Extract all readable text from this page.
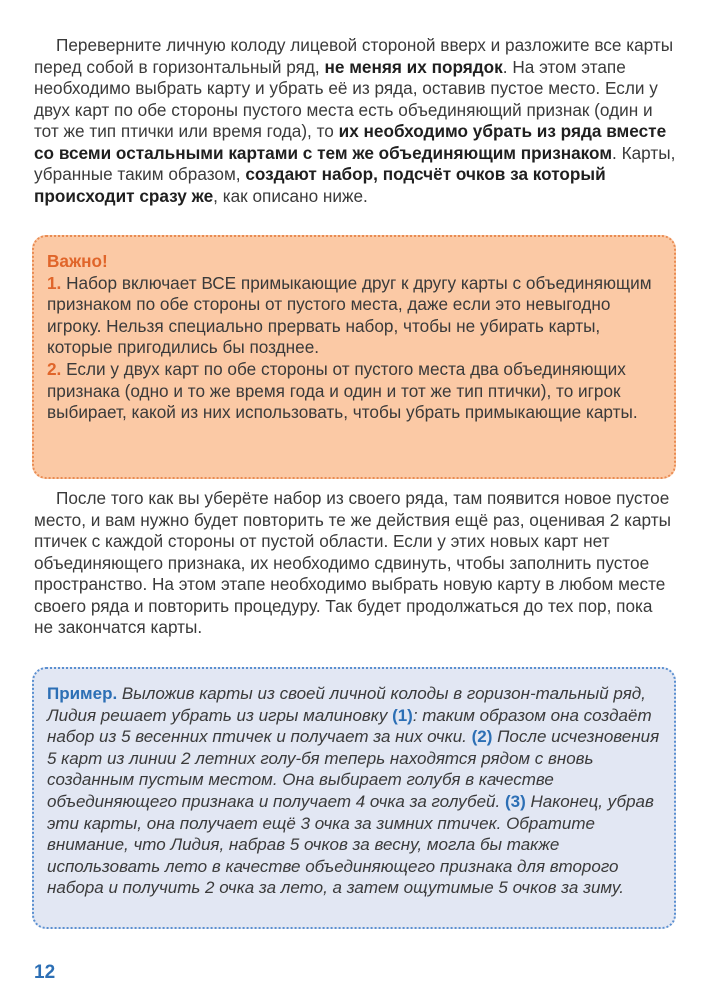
Переверните личную колоду лицевой стороной вверх и разложите все карты перед собой в горизонтальный ряд, не меняя их порядок. На этом этапе необходимо выбрать карту и убрать её из ряда, оставив пустое место. Если у двух карт по обе стороны пустого места есть объединяющий признак (один и тот же тип птички или время года), то их необходимо убрать из ряда вместе со всеми остальными картами с тем же объединяющим признаком. Карты, убранные таким образом, создают набор, подсчёт очков за который происходит сразу же, как описано ниже.

Важно!
1. Набор включает ВСЕ примыкающие друг к другу карты с объединяющим признаком по обе стороны от пустого места, даже если это невыгодно игроку. Нельзя специально прервать набор, чтобы не убирать карты, которые пригодились бы позднее.
2. Если у двух карт по обе стороны от пустого места два объединяющих признака (одно и то же время года и один и тот же тип птички), то игрок выбирает, какой из них использовать, чтобы убрать примыкающие карты.

После того как вы уберёте набор из своего ряда, там появится новое пустое место, и вам нужно будет повторить те же действия ещё раз, оценивая 2 карты птичек с каждой стороны от пустой области. Если у этих новых карт нет объединяющего признака, их необходимо сдвинуть, чтобы заполнить пустое пространство. На этом этапе необходимо выбрать новую карту в любом месте своего ряда и повторить процедуру. Так будет продолжаться до тех пор, пока не закончатся карты.

Пример. Выложив карты из своей личной колоды в горизон-тальный ряд, Лидия решает убрать из игры малиновку (1): таким образом она создаёт набор из 5 весенних птичек и получает за них очки. (2) После исчезновения 5 карт из линии 2 летних голу-бя теперь находятся рядом с вновь созданным пустым местом. Она выбирает голубя в качестве объединяющего признака и получает 4 очка за голубей. (3) Наконец, убрав эти карты, она получает ещё 3 очка за зимних птичек. Обратите внимание, что Лидия, набрав 5 очков за весну, могла бы также использовать лето в качестве объединяющего признака для второго набора и получить 2 очка за лето, а затем ощутимые 5 очков за зиму.
12
